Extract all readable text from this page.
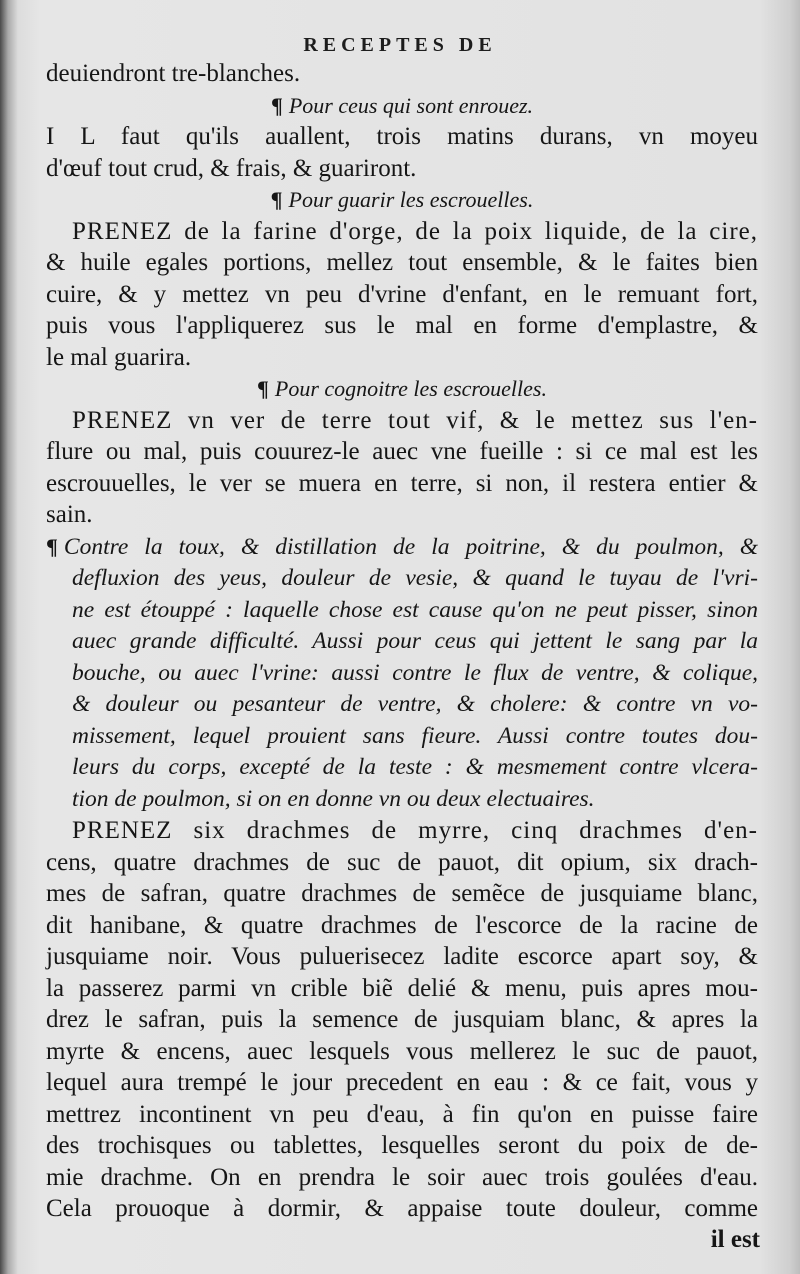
RECEPTES DE
deuiendront tre-blanches.
¶ Pour ceus qui sont enrouez.
I L faut qu'ils auallent, trois matins durans, vn moyeu
d'œuf tout crud, & frais, & guariront.
¶ Pour guarir les escrouelles.
PRENEZ de la farine d'orge, de la poix liquide, de la cire,
& huile egales portions, mellez tout ensemble, & le faites bien
cuire, & y mettez vn peu d'vrine d'enfant, en le remuant fort,
puis vous l'appliquerez sus le mal en forme d'emplastre, &
le mal guarira.
¶ Pour cognoitre les escrouelles.
PRENEZ vn ver de terre tout vif, & le mettez sus l'en-
flure ou mal, puis couurez-le auec vne fueille : si ce mal est les
escrouuelles, le ver se muera en terre, si non, il restera entier &
sain.
¶ Contre la toux, & distillation de la poitrine, & du poulmon, &
defluxion des yeus, douleur de vesie, & quand le tuyau de l'vri-
ne est étouppé : laquelle chose est cause qu'on ne peut pisser, sinon
auec grande difficulté. Aussi pour ceus qui jettent le sang par la
bouche, ou auec l'vrine: aussi contre le flux de ventre, & colique,
& douleur ou pesanteur de ventre, & cholere: & contre vn vo-
missement, lequel prouient sans fieure. Aussi contre toutes dou-
leurs du corps, excepté de la teste : & mesmement contre vlcera-
tion de poulmon, si on en donne vn ou deux electuaires.
PRENEZ six drachmes de myrre, cinq drachmes d'en-
cens, quatre drachmes de suc de pauot, dit opium, six drach-
mes de safran, quatre drachmes de semẽce de jusquiame blanc,
dit hanibane, & quatre drachmes de l'escorce de la racine de
jusquiame noir. Vous puluerisecez ladite escorce apart soy, &
la passerez parmi vn crible biẽ delié & menu, puis apres mou-
drez le safran, puis la semence de jusquiam blanc, & apres la
myrte & encens, auec lesquels vous mellerez le suc de pauot,
lequel aura trempé le jour precedent en eau : & ce fait, vous y
mettrez incontinent vn peu d'eau, à fin qu'on en puisse faire
des trochisques ou tablettes, lesquelles seront du poix de de-
mie drachme. On en prendra le soir auec trois goulées d'eau.
Cela prouoque à dormir, & appaise toute douleur, comme
il est
